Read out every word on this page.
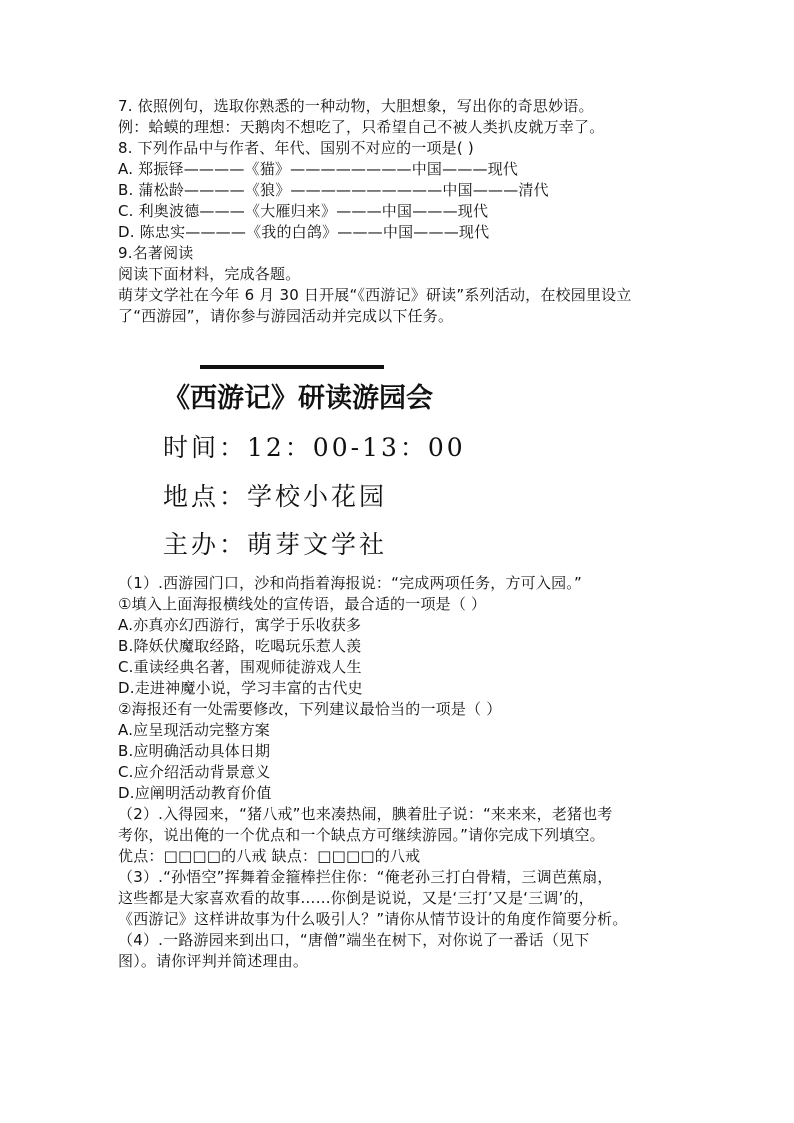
7. 依照例句，选取你熟悉的一种动物，大胆想象，写出你的奇思妙语。
例：蛤蟆的理想：天鹅肉不想吃了，只希望自己不被人类扒皮就万幸了。
8. 下列作品中与作者、年代、国别不对应的一项是( )
A. 郑振铎————《猫》————————中国———现代
B. 蒲松龄————《狼》——————————中国———清代
C. 利奥波德———《大雁归来》———中国———现代
D. 陈忠实————《我的白鸽》———中国———现代
9.名著阅读
阅读下面材料，完成各题。
萌芽文学社在今年 6 月 30 日开展“《西游记》研读”系列活动，在校园里设立
了“西游园”，请你参与游园活动并完成以下任务。
《西游记》研读游园会
时间：12：00-13：00
地点：学校小花园
主办：萌芽文学社
（1）.西游园门口，沙和尚指着海报说：“完成两项任务，方可入园。”
①填入上面海报横线处的宣传语，最合适的一项是（ ）
A.亦真亦幻西游行，寓学于乐收获多
B.降妖伏魔取经路，吃喝玩乐惹人羡
C.重读经典名著，围观师徒游戏人生
D.走进神魔小说，学习丰富的古代史
②海报还有一处需要修改，下列建议最恰当的一项是（ ）
A.应呈现活动完整方案
B.应明确活动具体日期
C.应介绍活动背景意义
D.应阐明活动教育价值
（2）.入得园来，“猪八戒”也来凑热闹，腆着肚子说：“来来来，老猪也考
考你，说出俺的一个优点和一个缺点方可继续游园。”请你完成下列填空。
优点：□□□□的八戒 缺点：□□□□的八戒
（3）.“孙悟空”挥舞着金箍棒拦住你：“俺老孙三打白骨精，三调芭蕉扇，
这些都是大家喜欢看的故事……你倒是说说，又是‘三打’又是‘三调’的，
《西游记》这样讲故事为什么吸引人？”请你从情节设计的角度作简要分析。
（4）.一路游园来到出口，“唐僧”端坐在树下，对你说了一番话（见下
图）。请你评判并简述理由。
